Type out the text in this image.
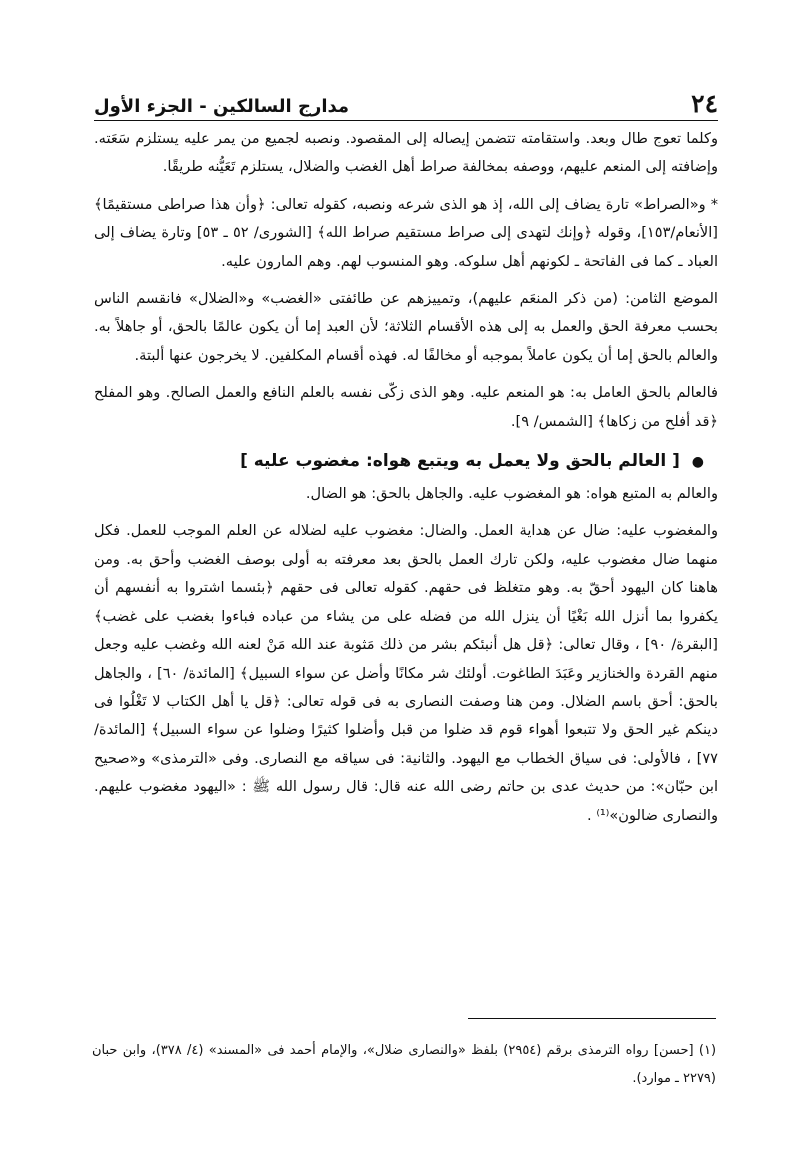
٢٤
مدارج السالكين - الجزء الأول

وكلما تعوج طال وبعد. واستقامته تتضمن إيصاله إلى المقصود. ونصبه لجميع من يمر عليه يستلزم سَعَته. وإضافته إلى المنعم عليهم، ووصفه بمخالفة صراط أهل الغضب والضلال، يستلزم تَعَيُّنه طريقًا.

* و«الصراط» تارة يضاف إلى الله، إذ هو الذى شرعه ونصبه، كقوله تعالى: ﴿وأن هذا صراطى مستقيمًا﴾ [الأنعام/١٥٣]، وقوله ﴿وإنك لتهدى إلى صراط مستقيم صراط الله﴾ [الشورى/ ٥٢ ـ ٥٣] وتارة يضاف إلى العباد ـ كما فى الفاتحة ـ لكونهم أهل سلوكه. وهو المنسوب لهم. وهم المارون عليه.

الموضع الثامن: (من ذكر المنعَم عليهم)، وتمييزهم عن طائفتى «الغضب» و«الضلال» فانقسم الناس بحسب معرفة الحق والعمل به إلى هذه الأقسام الثلاثة؛ لأن العبد إما أن يكون عالمًا بالحق، أو جاهلاً به. والعالم بالحق إما أن يكون عاملاً بموجبه أو مخالفًا له. فهذه أقسام المكلفين. لا يخرجون عنها ألبتة.

فالعالم بالحق العامل به: هو المنعم عليه. وهو الذى زكّى نفسه بالعلم النافع والعمل الصالح. وهو المفلح ﴿قد أفلح من زكاها﴾ [الشمس/ ٩].

● [ العالم بالحق ولا يعمل به ويتبع هواه: مغضوب عليه ]

والعالم به المتبع هواه: هو المغضوب عليه. والجاهل بالحق: هو الضال.

والمغضوب عليه: ضال عن هداية العمل. والضال: مغضوب عليه لضلاله عن العلم الموجب للعمل. فكل منهما ضال مغضوب عليه، ولكن تارك العمل بالحق بعد معرفته به أولى بوصف الغضب وأحق به. ومن هاهنا كان اليهود أحقّ به. وهو متغلظ فى حقهم. كقوله تعالى فى حقهم ﴿بئسما اشتروا به أنفسهم أن يكفروا بما أنزل الله بَغْيًا أن ينزل الله من فضله على من يشاء من عباده فباءوا بغضب على غضب﴾ [البقرة/ ٩٠] ، وقال تعالى: ﴿قل هل أنبئكم بشر من ذلك مَثوبة عند الله مَنْ لعنه الله وغضب عليه وجعل منهم القردة والخنازير وعَبَدَ الطاغوت. أولئك شر مكانًا وأضل عن سواء السبيل﴾ [المائدة/ ٦٠] ، والجاهل بالحق: أحق باسم الضلال. ومن هنا وصفت النصارى به فى قوله تعالى: ﴿قل يا أهل الكتاب لا تَغْلُوا فى دينكم غير الحق ولا تتبعوا أهواء قوم قد ضلوا من قبل وأضلوا كثيرًا وضلوا عن سواء السبيل﴾ [المائدة/ ٧٧] ، فالأولى: فى سياق الخطاب مع اليهود. والثانية: فى سياقه مع النصارى. وفى «الترمذى» و«صحيح ابن حبّان»: من حديث عدى بن حاتم رضى الله عنه قال: قال رسول الله ﷺ : «اليهود مغضوب عليهم. والنصارى ضالون»⁽¹⁾ .

(١) [حسن] رواه الترمذى برقم (٢٩٥٤) بلفظ «والنصارى ضلال»، والإمام أحمد فى «المسند» (٤/ ٣٧٨)، وابن حبان (٢٢٧٩ ـ موارد).
